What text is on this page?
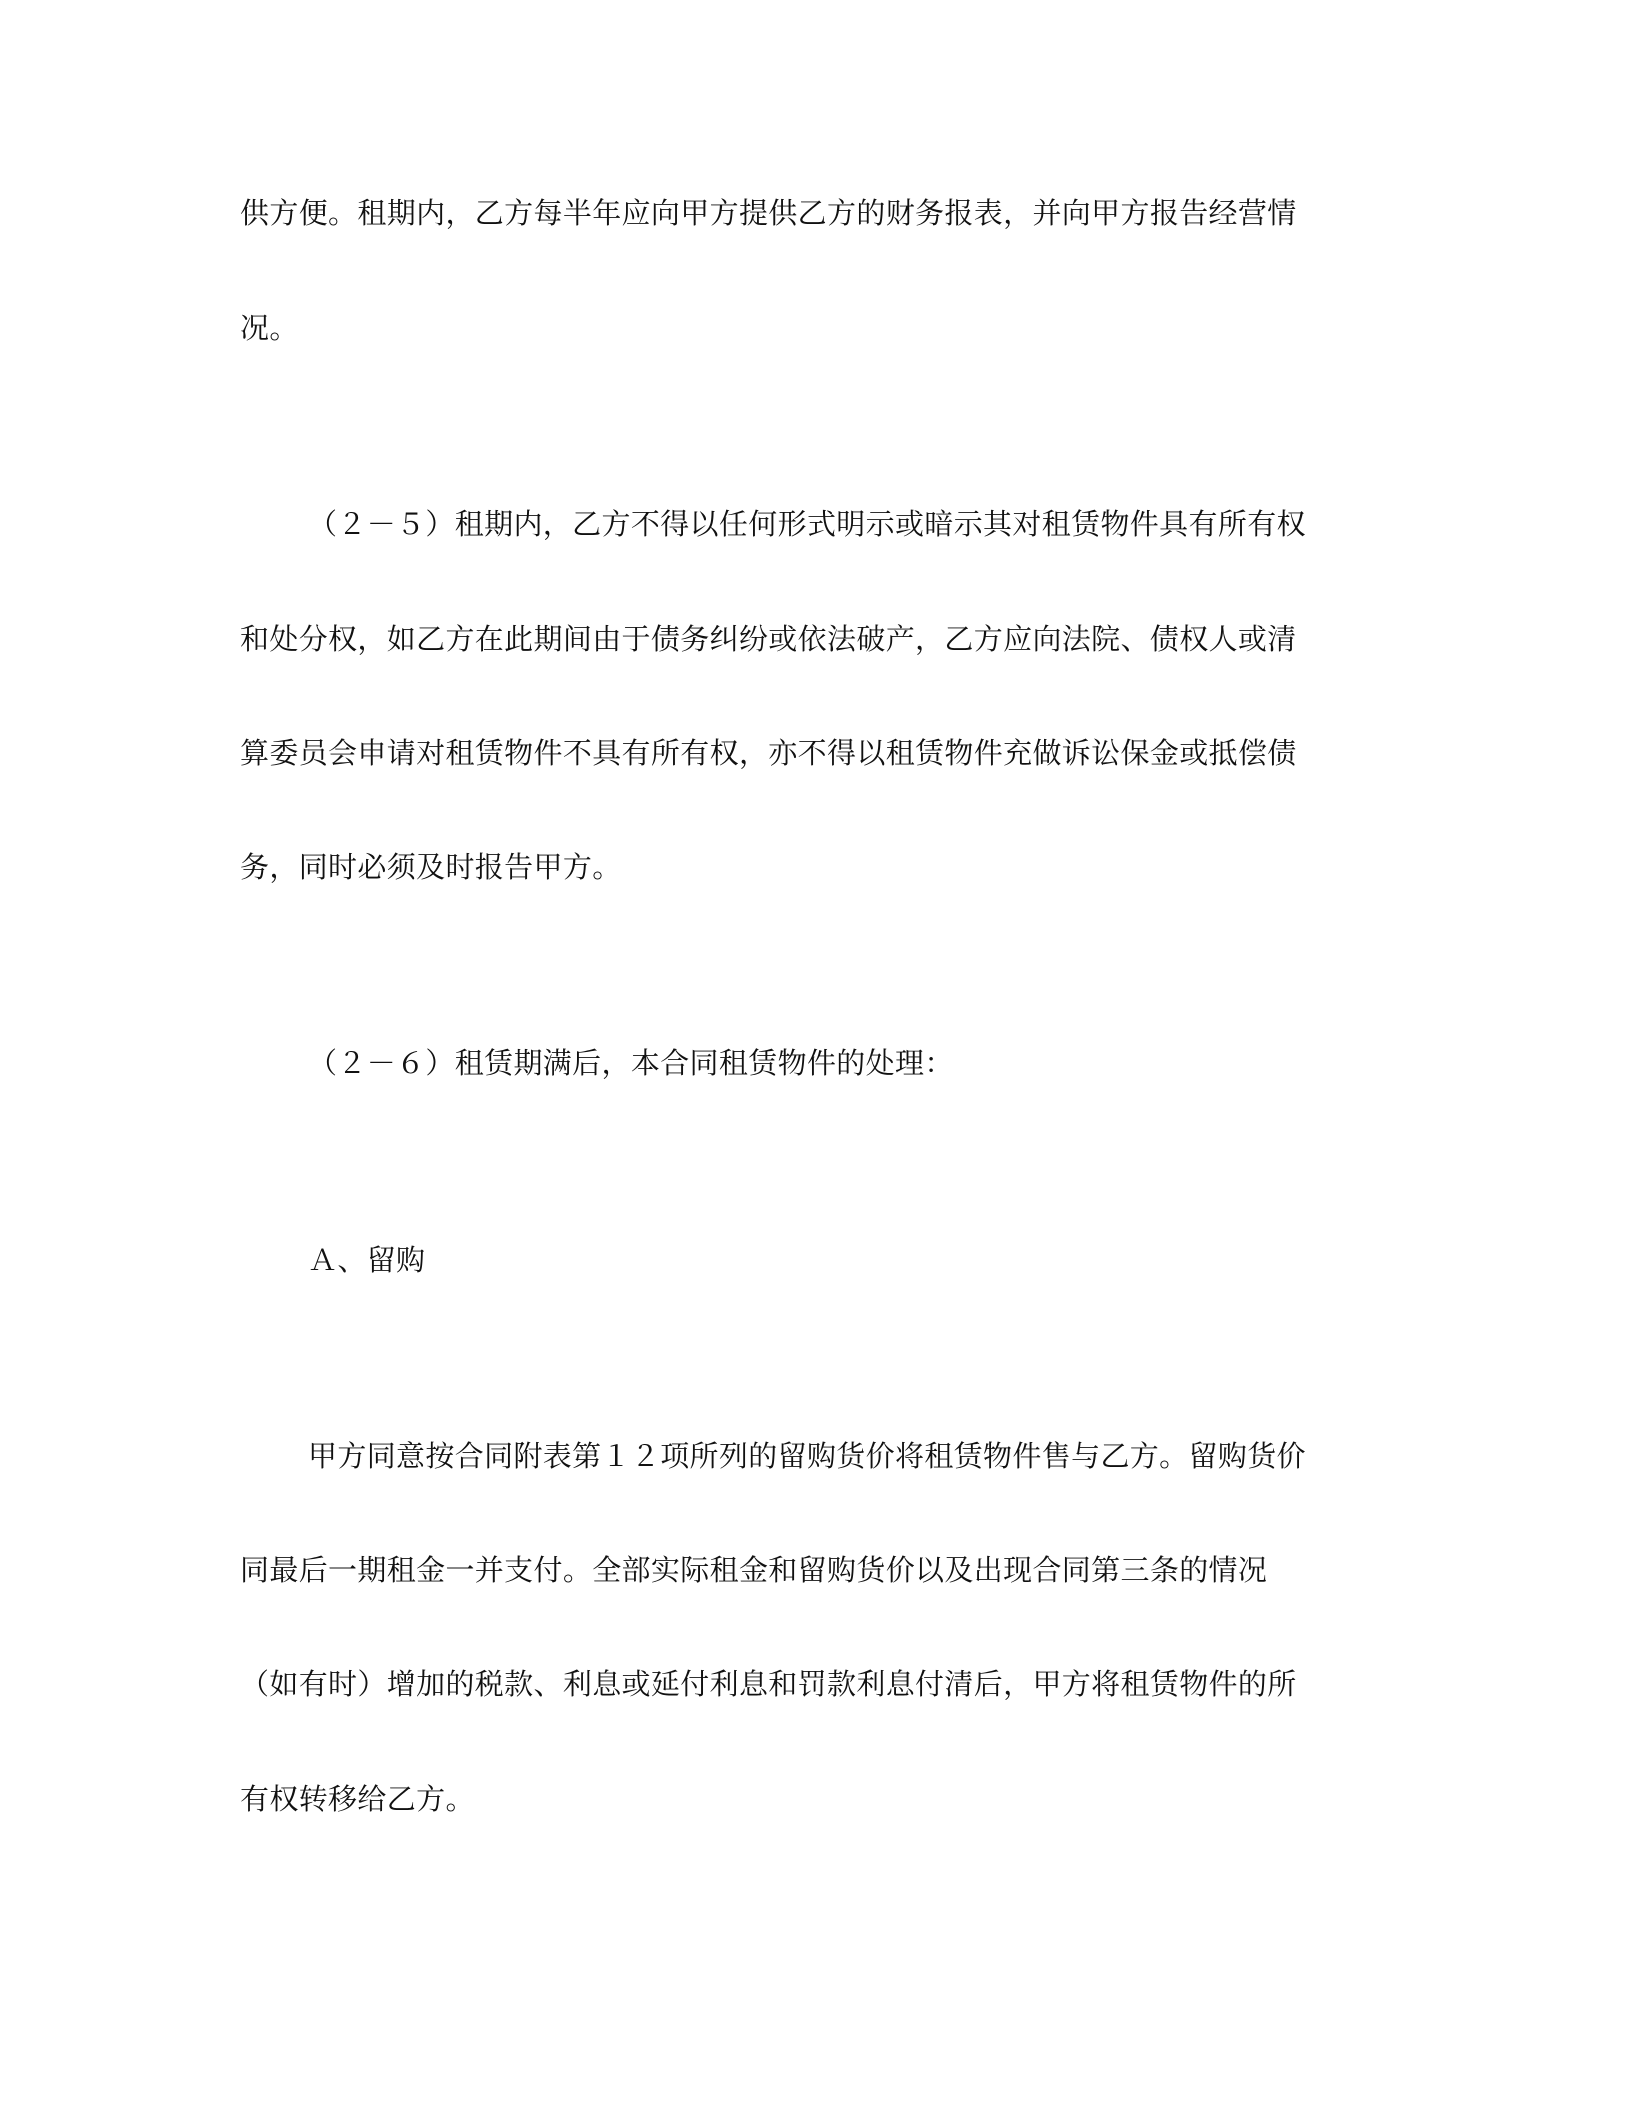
供方便。租期内，乙方每半年应向甲方提供乙方的财务报表，并向甲方报告经营情
况。
（２－５）租期内，乙方不得以任何形式明示或暗示其对租赁物件具有所有权
和处分权，如乙方在此期间由于债务纠纷或依法破产，乙方应向法院、债权人或清
算委员会申请对租赁物件不具有所有权，亦不得以租赁物件充做诉讼保金或抵偿债
务，同时必须及时报告甲方。
（２－６）租赁期满后，本合同租赁物件的处理：
Ａ、留购
甲方同意按合同附表第１２项所列的留购货价将租赁物件售与乙方。留购货价
同最后一期租金一并支付。全部实际租金和留购货价以及出现合同第三条的情况
（如有时）增加的税款、利息或延付利息和罚款利息付清后，甲方将租赁物件的所
有权转移给乙方。
